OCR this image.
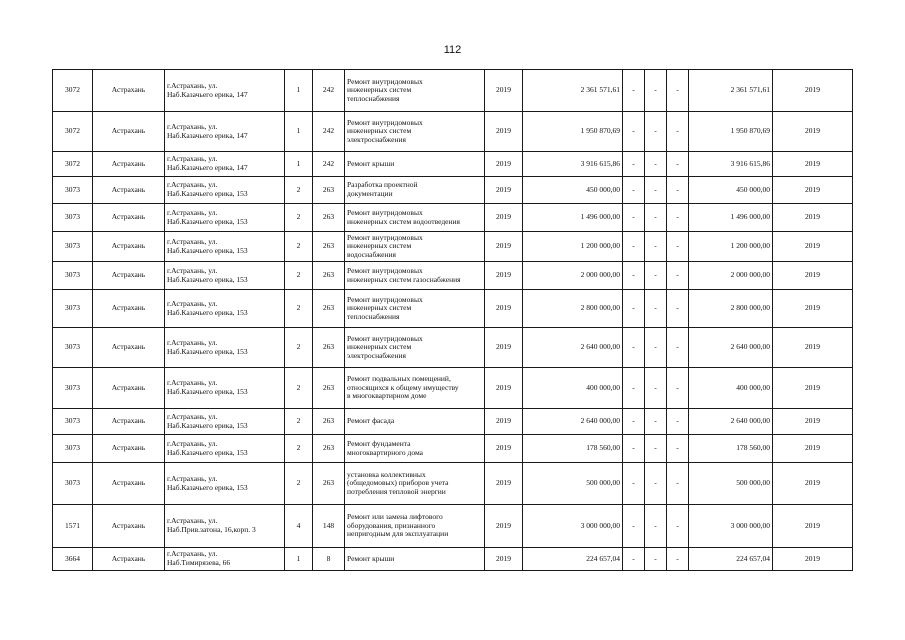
112
3072	Астрахань	г.Астрахань, ул.
Наб.Казачьего ерика, 147	1	242	Ремонт внутридомовых
инженерных систем
теплоснабжения	2019	2 361 571,61	-	-	-	2 361 571,61	2019
3072	Астрахань	г.Астрахань, ул.
Наб.Казачьего ерика, 147	1	242	Ремонт внутридомовых
инженерных систем
электроснабжения	2019	1 950 870,69	-	-	-	1 950 870,69	2019
3072	Астрахань	г.Астрахань, ул.
Наб.Казачьего ерика, 147	1	242	Ремонт крыши	2019	3 916 615,86	-	-	-	3 916 615,86	2019
3073	Астрахань	г.Астрахань, ул.
Наб.Казачьего ерика, 153	2	263	Разработка проектной
документации	2019	450 000,00	-	-	-	450 000,00	2019
3073	Астрахань	г.Астрахань, ул.
Наб.Казачьего ерика, 153	2	263	Ремонт внутридомовых
инженерных систем водоотведения	2019	1 496 000,00	-	-	-	1 496 000,00	2019
3073	Астрахань	г.Астрахань, ул.
Наб.Казачьего ерика, 153	2	263	Ремонт внутридомовых
инженерных систем
водоснабжения	2019	1 200 000,00	-	-	-	1 200 000,00	2019
3073	Астрахань	г.Астрахань, ул.
Наб.Казачьего ерика, 153	2	263	Ремонт внутридомовых
инженерных систем газоснабжения	2019	2 000 000,00	-	-	-	2 000 000,00	2019
3073	Астрахань	г.Астрахань, ул.
Наб.Казачьего ерика, 153	2	263	Ремонт внутридомовых
инженерных систем
теплоснабжения	2019	2 800 000,00	-	-	-	2 800 000,00	2019
3073	Астрахань	г.Астрахань, ул.
Наб.Казачьего ерика, 153	2	263	Ремонт внутридомовых
инженерных систем
электроснабжения	2019	2 640 000,00	-	-	-	2 640 000,00	2019
3073	Астрахань	г.Астрахань, ул.
Наб.Казачьего ерика, 153	2	263	Ремонт подвальных помещений,
относящихся к общему имуществу
в многоквартирном доме	2019	400 000,00	-	-	-	400 000,00	2019
3073	Астрахань	г.Астрахань, ул.
Наб.Казачьего ерика, 153	2	263	Ремонт фасада	2019	2 640 000,00	-	-	-	2 640 000,00	2019
3073	Астрахань	г.Астрахань, ул.
Наб.Казачьего ерика, 153	2	263	Ремонт фундамента
многоквартирного дома	2019	178 560,00	-	-	-	178 560,00	2019
3073	Астрахань	г.Астрахань, ул.
Наб.Казачьего ерика, 153	2	263	установка коллективных
(общедомовых) приборов учета
потребления тепловой энергии	2019	500 000,00	-	-	-	500 000,00	2019
1571	Астрахань	г.Астрахань, ул.
Наб.Прив.затона, 16,корп. 3	4	148	Ремонт или замена лифтового
оборудования, признанного
непригодным для эксплуатации	2019	3 000 000,00	-	-	-	3 000 000,00	2019
3664	Астрахань	г.Астрахань, ул.
Наб.Тимирязева, 66	1	8	Ремонт крыши	2019	224 657,04	-	-	-	224 657,04	2019
